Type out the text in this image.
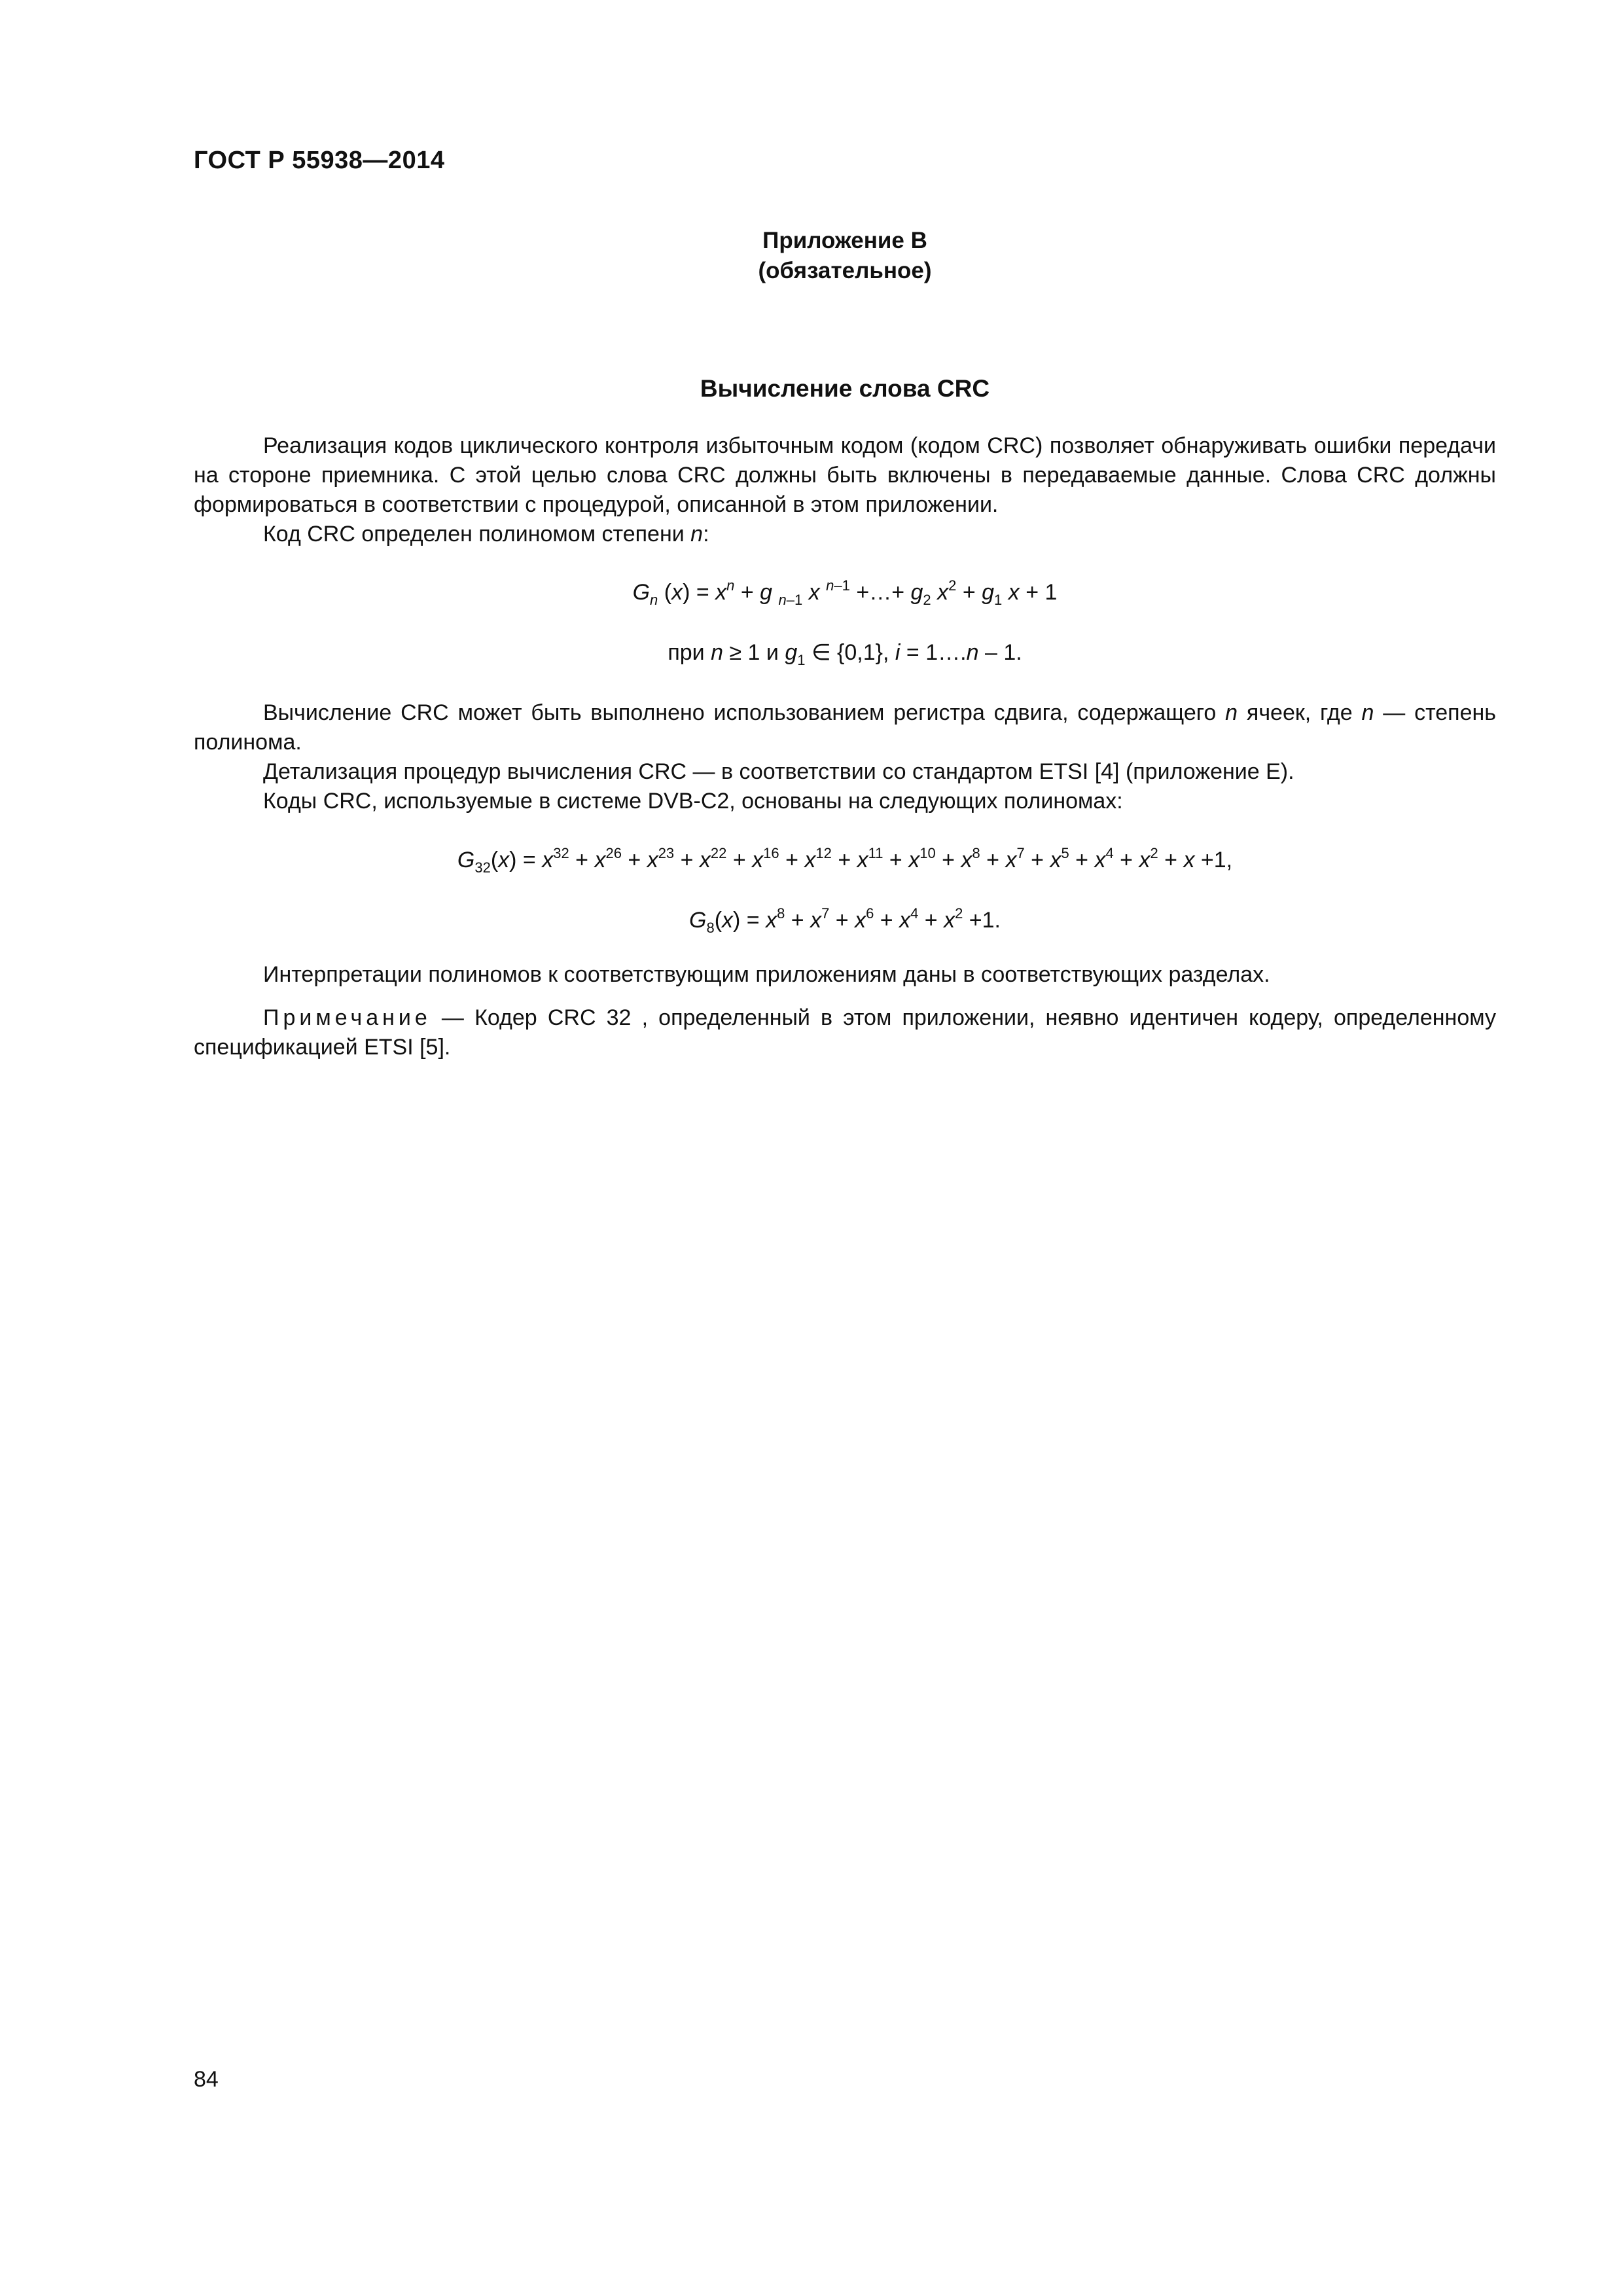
ГОСТ Р 55938—2014
Приложение В
(обязательное)
Вычисление слова CRC

Реализация кодов циклического контроля избыточным кодом (кодом CRC) позволяет обнаруживать ошибки передачи на стороне приемника. С этой целью слова CRC должны быть включены в передаваемые данные. Слова CRC должны формироваться в соответствии с процедурой, описанной в этом приложении.

Код CRC определен полиномом степени n:

$G_n$ $(x) = x^n + g$ $_{n-1}$ x $^{n-1}$ +…+ $g_2$ $x^2 + g_1$ x + 1
при n ≥ 1 и $g_1$ ∈ {0,1}, i = 1….n – 1.

Вычисление CRC может быть выполнено использованием регистра сдвига, содержащего n ячеек, где n — степень полинома.

Детализация процедур вычисления CRC — в соответствии со стандартом ETSI [4] (приложение Е).

Коды CRC, используемые в системе DVB-C2, основаны на следующих полиномах:

$G_{32}(x) = x^{32} + x^{26} + x^{23} + x^{22} + x^{16} + x^{12} + x^{11} + x^{10} + x^8 + x^7 + x^5 + x^4 + x^2 + x +1$,
$G_8(x) = x^8 + x^7 + x^6 + x^4 + x^2 +1$.

Интерпретации полиномов к соответствующим приложениям даны в соответствующих разделах.

Примечание — Кодер CRC 32 , определенный в этом приложении, неявно идентичен кодеру, определенному спецификацией ETSI [5].

84
